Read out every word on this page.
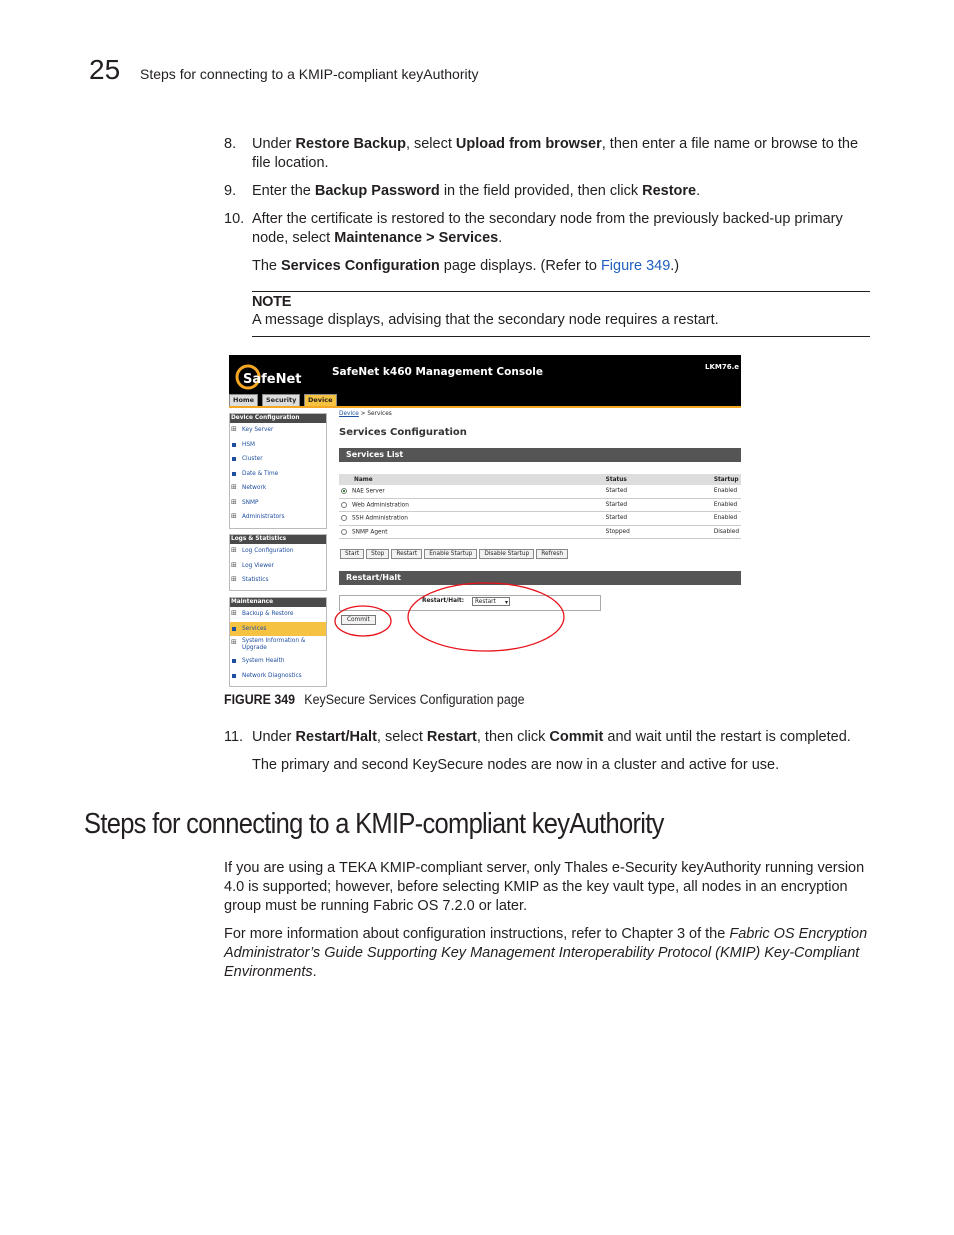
25 Steps for connecting to a KMIP-compliant keyAuthority
8. Under Restore Backup, select Upload from browser, then enter a file name or browse to the file location.
9. Enter the Backup Password in the field provided, then click Restore.
10. After the certificate is restored to the secondary node from the previously backed-up primary node, select Maintenance > Services.
The Services Configuration page displays. (Refer to Figure 349.)
NOTE
A message displays, advising that the secondary node requires a restart.
SafeNet	SafeNet k460 Management Console	LKM76.e
Home	Security	Device
Device Configuration
⊞ Key Server
HSM
Cluster
Date & Time
⊞ Network
⊞ SNMP
⊞ Administrators
Logs & Statistics
⊞ Log Configuration
⊞ Log Viewer
⊞ Statistics
Maintenance
⊞ Backup & Restore
Services
⊞ System Information & Upgrade
System Health
Network Diagnostics
Device > Services
Services Configuration
Services List
Name	Status	Startup
NAE Server	Started	Enabled
Web Administration	Started	Enabled
SSH Administration	Started	Enabled
SNMP Agent	Stopped	Disabled
Start Stop Restart Enable Startup Disable Startup Refresh
Restart/Halt
Restart/Halt:	Restart ▾
Commit
FIGURE 349 KeySecure Services Configuration page
11. Under Restart/Halt, select Restart, then click Commit and wait until the restart is completed.
The primary and second KeySecure nodes are now in a cluster and active for use.
Steps for connecting to a KMIP-compliant keyAuthority
If you are using a TEKA KMIP-compliant server, only Thales e-Security keyAuthority running version 4.0 is supported; however, before selecting KMIP as the key vault type, all nodes in an encryption group must be running Fabric OS 7.2.0 or later.
For more information about configuration instructions, refer to Chapter 3 of the Fabric OS Encryption Administrator’s Guide Supporting Key Management Interoperability Protocol (KMIP) Key-Compliant Environments.
